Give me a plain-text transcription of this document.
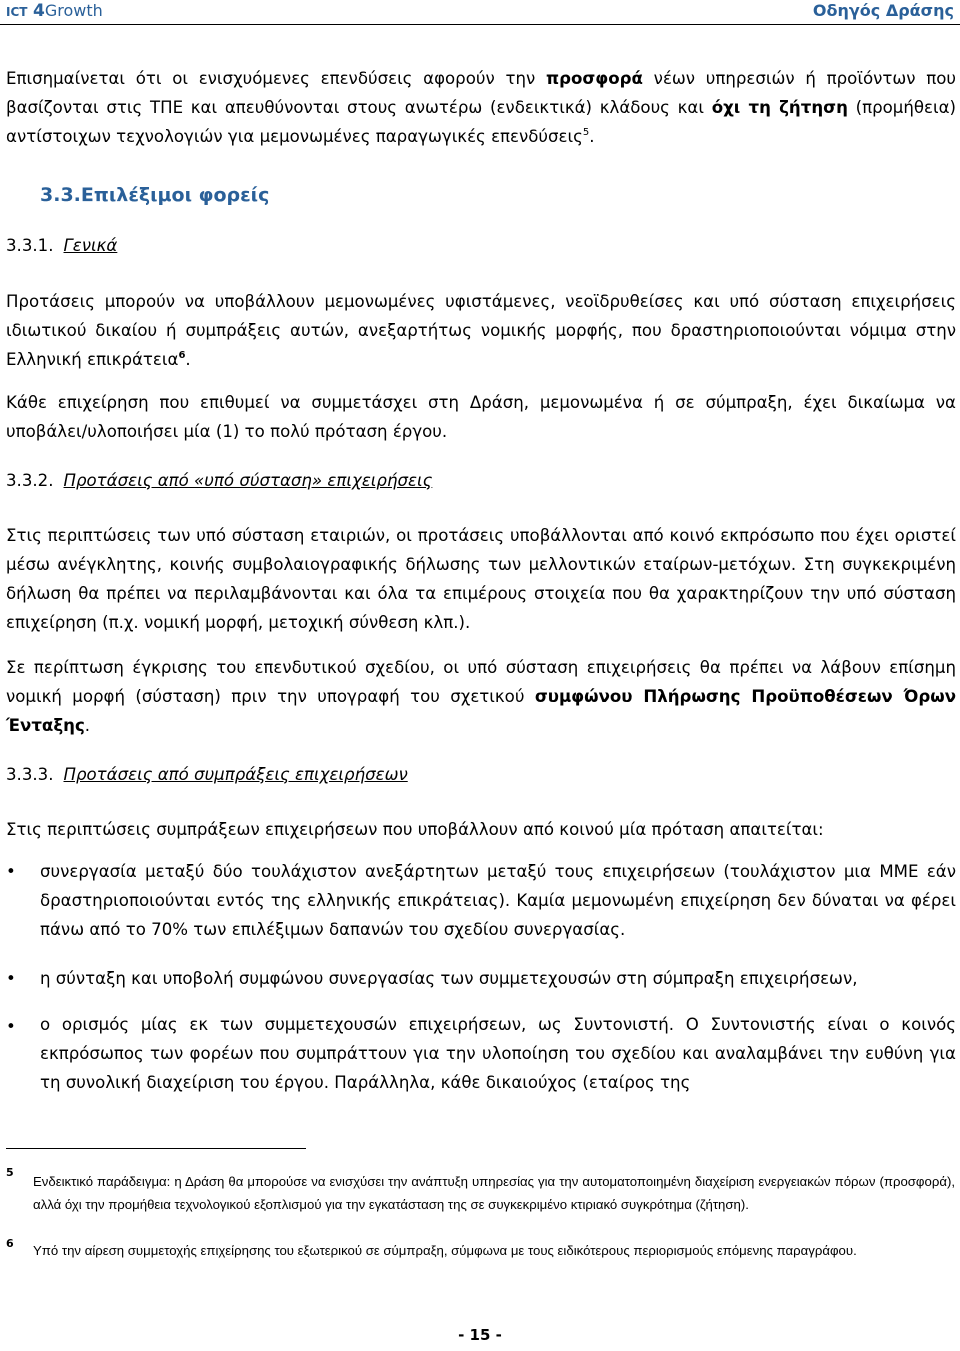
ICT 4Growth	Οδηγός Δράσης

Επισημαίνεται ότι οι ενισχυόμενες επενδύσεις αφορούν την προσφορά νέων υπηρεσιών ή προϊόντων που βασίζονται στις ΤΠΕ και απευθύνονται στους ανωτέρω (ενδεικτικά) κλάδους και όχι τη ζήτηση (προμήθεια) αντίστοιχων τεχνολογιών για μεμονωμένες παραγωγικές επενδύσεις$^5$.

3.3.Επιλέξιμοι φορείς
3.3.1. Γενικά

Προτάσεις μπορούν να υποβάλλουν μεμονωμένες υφιστάμενες, νεοϊδρυθείσες και υπό σύσταση επιχειρήσεις ιδιωτικού δικαίου ή συμπράξεις αυτών, ανεξαρτήτως νομικής μορφής, που δραστηριοποιούνται νόμιμα στην Ελληνική επικράτεια$^6$.

Κάθε επιχείρηση που επιθυμεί να συμμετάσχει στη Δράση, μεμονωμένα ή σε σύμπραξη, έχει δικαίωμα να υποβάλει/υλοποιήσει μία (1) το πολύ πρόταση έργου.

3.3.2. Προτάσεις από «υπό σύσταση» επιχειρήσεις

Στις περιπτώσεις των υπό σύσταση εταιριών, οι προτάσεις υποβάλλονται από κοινό εκπρόσωπο που έχει οριστεί μέσω ανέγκλητης, κοινής συμβολαιογραφικής δήλωσης των μελλοντικών εταίρων-μετόχων. Στη συγκεκριμένη δήλωση θα πρέπει να περιλαμβάνονται και όλα τα επιμέρους στοιχεία που θα χαρακτηρίζουν την υπό σύσταση επιχείρηση (π.χ. νομική μορφή, μετοχική σύνθεση κλπ.).

Σε περίπτωση έγκρισης του επενδυτικού σχεδίου, οι υπό σύσταση επιχειρήσεις θα πρέπει να λάβουν επίσημη νομική μορφή (σύσταση) πριν την υπογραφή του σχετικού συμφώνου Πλήρωσης Προϋποθέσεων Όρων Ένταξης.

3.3.3. Προτάσεις από συμπράξεις επιχειρήσεων

Στις περιπτώσεις συμπράξεων επιχειρήσεων που υποβάλλουν από κοινού μία πρόταση απαιτείται:

• συνεργασία μεταξύ δύο τουλάχιστον ανεξάρτητων μεταξύ τους επιχειρήσεων (τουλάχιστον μια ΜΜΕ εάν δραστηριοποιούνται εντός της ελληνικής επικράτειας). Καμία μεμονωμένη επιχείρηση δεν δύναται να φέρει πάνω από το 70% των επιλέξιμων δαπανών του σχεδίου συνεργασίας.

• η σύνταξη και υποβολή συμφώνου συνεργασίας των συμμετεχουσών στη σύμπραξη επιχειρήσεων,

• ο ορισμός μίας εκ των συμμετεχουσών επιχειρήσεων, ως Συντονιστή. Ο Συντονιστής είναι ο κοινός εκπρόσωπος των φορέων που συμπράττουν για την υλοποίηση του σχεδίου και αναλαμβάνει την ευθύνη για τη συνολική διαχείριση του έργου. Παράλληλα, κάθε δικαιούχος (εταίρος της

5

Ενδεικτικό παράδειγμα: η Δράση θα μπορούσε να ενισχύσει την ανάπτυξη υπηρεσίας για την αυτοματοποιημένη διαχείριση ενεργειακών πόρων (προσφορά), αλλά όχι την προμήθεια τεχνολογικού εξοπλισμού για την εγκατάσταση της σε συγκεκριμένο κτιριακό συγκρότημα (ζήτηση).

6 Υπό την αίρεση συμμετοχής επιχείρησης του εξωτερικού σε σύμπραξη, σύμφωνα με τους ειδικότερους περιορισμούς επόμενης παραγράφου.

- 15 -
